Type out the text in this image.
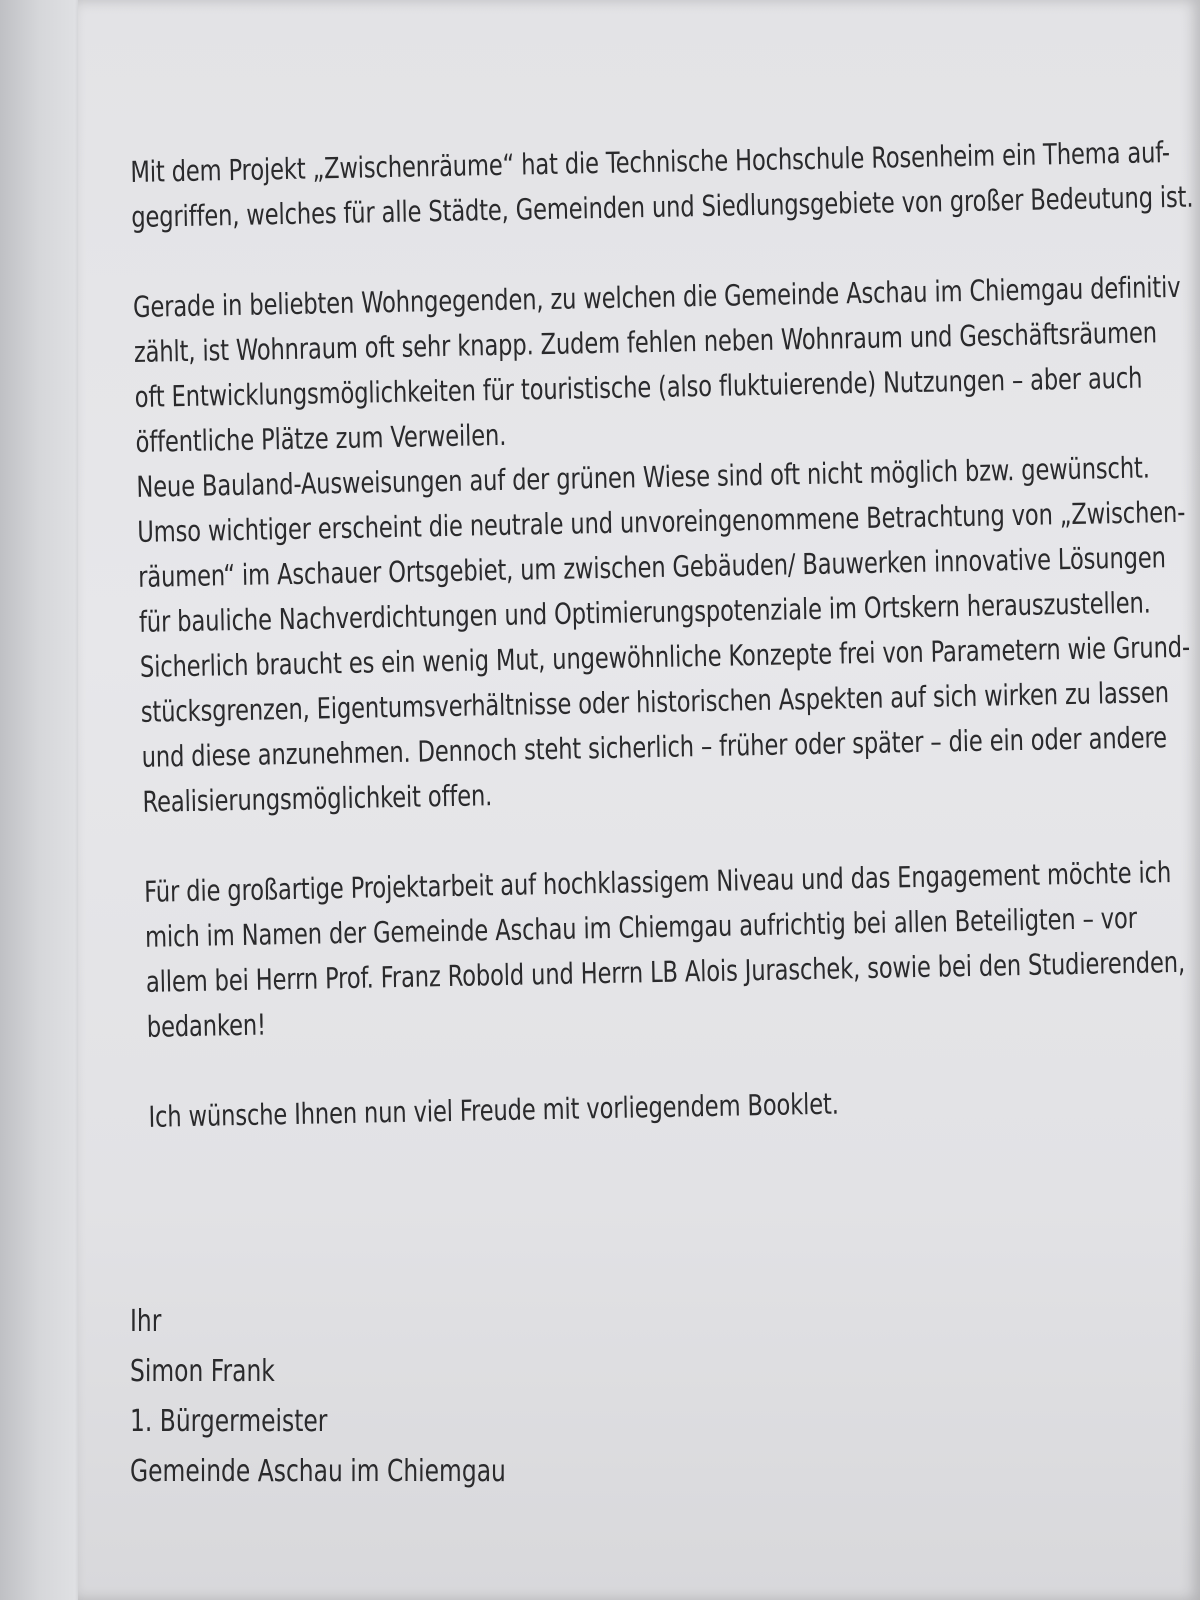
Mit dem Projekt „Zwischenräume“ hat die Technische Hochschule Rosenheim ein Thema auf-
gegriffen, welches für alle Städte, Gemeinden und Siedlungsgebiete von großer Bedeutung ist.

Gerade in beliebten Wohngegenden, zu welchen die Gemeinde Aschau im Chiemgau definitiv
zählt, ist Wohnraum oft sehr knapp. Zudem fehlen neben Wohnraum und Geschäftsräumen
oft Entwicklungsmöglichkeiten für touristische (also fluktuierende) Nutzungen – aber auch
öffentliche Plätze zum Verweilen.
Neue Bauland-Ausweisungen auf der grünen Wiese sind oft nicht möglich bzw. gewünscht.
Umso wichtiger erscheint die neutrale und unvoreingenommene Betrachtung von „Zwischen-
räumen“ im Aschauer Ortsgebiet, um zwischen Gebäuden/ Bauwerken innovative Lösungen
für bauliche Nachverdichtungen und Optimierungspotenziale im Ortskern herauszustellen.
Sicherlich braucht es ein wenig Mut, ungewöhnliche Konzepte frei von Parametern wie Grund-
stücksgrenzen, Eigentumsverhältnisse oder historischen Aspekten auf sich wirken zu lassen
und diese anzunehmen. Dennoch steht sicherlich – früher oder später – die ein oder andere
Realisierungsmöglichkeit offen.

Für die großartige Projektarbeit auf hochklassigem Niveau und das Engagement möchte ich
mich im Namen der Gemeinde Aschau im Chiemgau aufrichtig bei allen Beteiligten – vor
allem bei Herrn Prof. Franz Robold und Herrn LB Alois Juraschek, sowie bei den Studierenden,
bedanken!

Ich wünsche Ihnen nun viel Freude mit vorliegendem Booklet.

Ihr
Simon Frank
1. Bürgermeister
Gemeinde Aschau im Chiemgau
